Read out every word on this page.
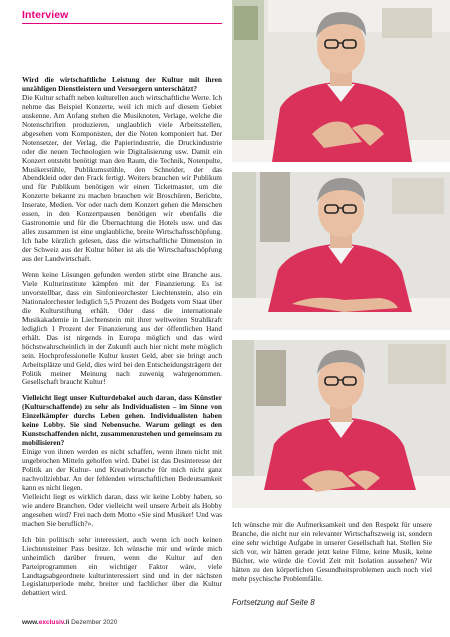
Interview

Wird die wirtschaftliche Leistung der Kultur mit ihren unzähligen Dienstleistern und Versorgern unterschätzt?

Die Kultur schafft neben kulturellen auch wirtschaftliche Werte. Ich nehme das Beispiel Konzerte, weil ich mich auf diesem Gebiet auskenne. Am Anfang stehen die Musiknoten, Verlage, welche die Notenschriften produzieren, unglaublich viele Arbeitsstellen, abgesehen vom Komponisten, der die Noten komponiert hat. Der Notensetzer, der Verlag, die Papierindustrie, die Druckindustrie oder die neuen Technologien wie Digitalisierung usw. Damit ein Konzert entsteht benötigt man den Raum, die Technik, Notenpulte, Musikerstühle, Publikumsstühle, den Schneider, der das Abendkleid oder den Frack fertigt. Weiters brauchen wir Publikum und für Publikum benötigen wir einen Ticketmaster, um die Konzerte bekannt zu machen brauchen wir Broschüren, Berichte, Inserate, Medien. Vor oder nach dem Konzert gehen die Menschen essen, in den Konzertpausen benötigen wir ebenfalls die Gastronomie und für die Übernachtung die Hotels usw. und das alles zusammen ist eine unglaubliche, breite Wirtschaftsschöpfung. Ich habe kürzlich gelesen, dass die wirtschaftliche Dimension in der Schweiz aus der Kultur höher ist als die Wirtschaftsschöpfung aus der Landwirtschaft.

Wenn keine Lösungen gefunden werden stirbt eine Branche aus. Viele Kulturinstitute kämpfen mit der Finanzierung. Es ist unvorstellbar, dass ein Sinfonieorchester Liechtenstein, also ein Nationalorchester lediglich 5,5 Prozent des Budgets vom Staat über die Kulturstiftung erhält. Oder dass die internationale Musikakademie in Liechtenstein mit ihrer weltweiten Strahlkraft lediglich 1 Prozent der Finanzierung aus der öffentlichen Hand erhält. Das ist nirgends in Europa möglich und das wird höchstwahrscheinlich in der Zukunft auch hier nicht mehr möglich sein. Hochprofessionelle Kultur kostet Geld, aber sie bringt auch Arbeitsplätze und Geld, dies wird bei den Entscheidungsträgern der Politik meiner Meinung nach zuwenig wahrgenommen. Gesellschaft braucht Kultur!

Vielleicht liegt unser Kulturdebakel auch daran, dass Künstler (Kulturschaffende) zu sehr als Individualisten – im Sinne von Einzelkämpfer durchs Leben gehen. Individualisten haben keine Lobby. Sie sind Nebensuche. Warum gelingt es den Kunstschaffenden nicht, zusammenzustehen und gemeinsam zu mobilisieren?

Einige von ihnen werden es nicht schaffen, wenn ihnen nicht mit ungebrochen Mitteln geholfen wird. Dabei ist das Desinteresse der Politik an der Kultur- und Kreativbranche für mich nicht ganz nachvollziehbar. An der fehlenden wirtschaftlichen Bedeutsamkeit kann es nicht liegen.

Vielleicht liegt es wirklich daran, dass wir keine Lobby haben, so wie andere Branchen. Oder vielleicht weil unsere Arbeit als Hobby angesehen wird? Frei nach dem Motto «Sie sind Musiker! Und was machen Sie beruflich?».

Ich bin politisch sehr interessiert, auch wenn ich noch keinen Liechtensteiner Pass besitze. Ich wünsche mir und würde mich unheimlich darüber freuen, wenn die Kultur auf den Parteiprogrammen ein wichtiger Faktor wäre, viele Landtagsabgeordnete kulturinteressiert sind und in der nächsten Legislaturperiode mehr, breiter und fachlicher über die Kultur debattiert wird.

Ich wünsche mir die Aufmerksamkeit und den Respekt für unsere Branche, die nicht nur ein relevanter Wirtschaftszweig ist, sondern eine sehr wichtige Aufgabe in unserer Gesellschaft hat. Stellen Sie sich vor, wir hätten gerade jetzt keine Filme, keine Musik, keine Bücher, wie würde die Covid Zeit mit Isolation aussehen? Wir hätten zu den körperlichen Gesundheitsproblemen auch noch viel mehr psychische Problemfälle.

Fortsetzung auf Seite 8
www.exclusiv.li Dezember 2020
